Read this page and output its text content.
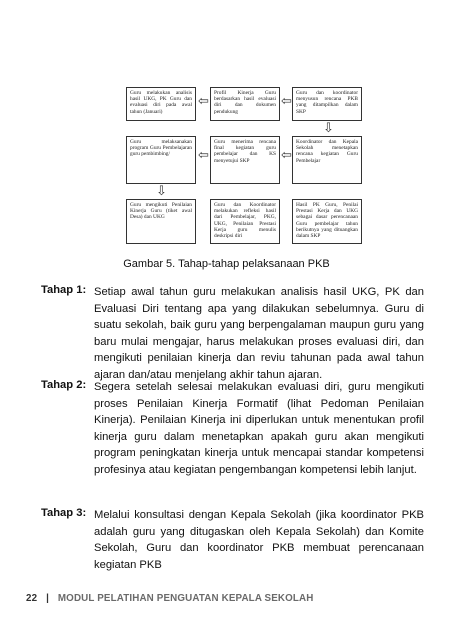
Guru melakukan analisis hasil UKG, PK Guru dan evaluasi diri pada awal tahun (Januari)
⇦
Profil Kinerja Guru berdasarkan hasil evaluasi diri dan dokumen pendukung
⇦
Guru dan koordinator menyusun rencana PKB yang ditampilkan dalam SKP
⇩
Guru melaksanakan program Guru Pembelajaran guru pembimbing/	⇦
Guru menerima rencana final kegiatan guru pembelajar dan KS menyetujui SKP	⇦
Koordinator dan Kepala Sekolah menetapkan rencana kegiatan Guru Pembelajar
⇩
Guru mengikuti Penilaian Kinerja Guru (tiket awal Desa) dan UKG
Guru dan Koordinator melakukan refleksi hasil dari Pembelajar, PKG, UKG, Penilaian Prestasi Kerja guru menulis deskripsi diri
Hasil PK Guru, Penilai Prestasi Kerja dan UKG sebagai dasar perencanaan Guru pembelajar tahun berikutnya yang dituangkan dalam SKP
Gambar 5. Tahap-tahap pelaksanaan PKB
Tahap 1: Setiap awal tahun guru melakukan analisis hasil UKG, PK dan Evaluasi Diri tentang apa yang dilakukan sebelumnya. Guru di suatu sekolah, baik guru yang berpengalaman maupun guru yang baru mulai mengajar, harus melakukan proses evaluasi diri, dan mengikuti penilaian kinerja dan reviu tahunan pada awal tahun ajaran dan/atau menjelang akhir tahun ajaran.
Tahap 2: Segera setelah selesai melakukan evaluasi diri, guru mengikuti proses Penilaian Kinerja Formatif (lihat Pedoman Penilaian Kinerja). Penilaian Kinerja ini diperlukan untuk menentukan profil kinerja guru dalam menetapkan apakah guru akan mengikuti program peningkatan kinerja untuk mencapai standar kompetensi profesinya atau kegiatan pengembangan kompetensi lebih lanjut.
Tahap 3: Melalui konsultasi dengan Kepala Sekolah (jika koordinator PKB adalah guru yang ditugaskan oleh Kepala Sekolah) dan Komite Sekolah, Guru dan koordinator PKB membuat perencanaan kegiatan PKB
22 | MODUL PELATIHAN PENGUATAN KEPALA SEKOLAH
